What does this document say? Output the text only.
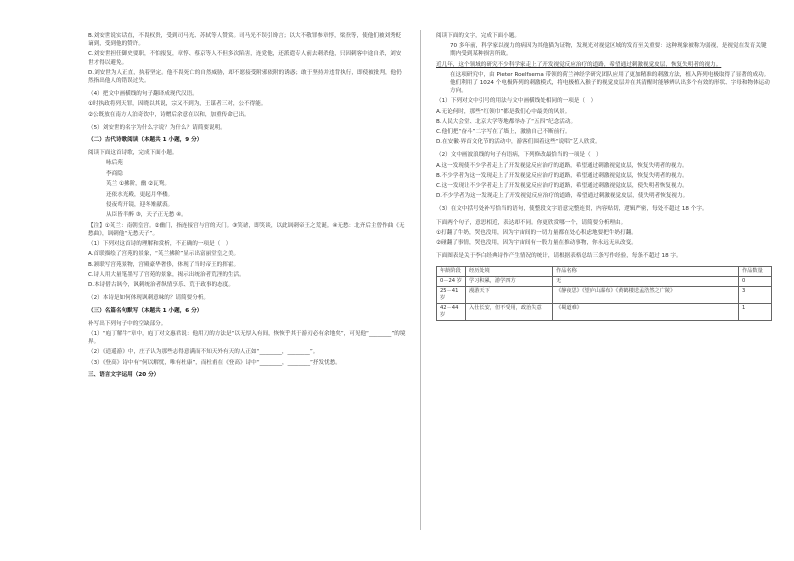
B.刘安世说实话直，不畏权贵，受到司马光、苏轼等人赞赏。司马光不误引谗言；以大不敬罪参章惇，梁焘等，使他们被刘秀贬谪到，受到他的赞许。

C.刘安世担任御史要职，不怕报复，章惇、蔡京等人不但多次陷害，连党他，还派遣专人前去刺杀他，只因刺客中途自杀，刘安世才得以避免。

D.刘安世为人正直，执着坚定。他不畏死亡的自然威胁，却不愿接受附邪依附的诱惑；敢于坚持并违背执行，即使被批判，他仍然指出他人的错误过失。

（4）把文中画横线的句子翻译成现代汉语。

①时执政将列天罪，因晓以其说，宗又不到为，王谋者三对，公不得能。

②公既放在南方人泊奇饮中，诗赠后余意在以和，加重传命已出。

（5）刘安世的名字为什么字说？为什么？请简要说明。

（二）古代诗歌阅读（本题共 1 小题，9 分）

阅读下面这首诗歌，完成下面小题。

咏后苑

李商隐

芄兰 ①拂阶，幽 ②瓦鸳。

还依水光殿，更起月华楼。

侵夜鸾开镜，迎冬雉献裘。

从臣皆半醉 ③，天子正无愁 ④。

【注】①芄兰：南朝皇宫。②幽门，指连接宫与宫的天门。③笑谑，即笑谈，以此讽刺帝王之荒诞。④无愁：北齐后主曾作曲《无愁曲》，讽刺他“无愁天子”。

（1）下列对这首诗的理解和赏析，不正确的一项是（　）

A.首联描绘了宫苑的景象，“芄兰拂阶”显示出富丽堂皇之美。

B.颔联写宫苑景物，宫殿豪华奢侈，体现了当时帝王的挥霍。

C.诗人用大量笔墨写了宫苑的景象，揭示出统治者荒淫的生活。

D.本诗借古讽今，讽刺统治者纵情享乐、荒于政事的态度。

（2）本诗是如何体现讽刺意味的？请简要分析。

（三）名篇名句默写（本题共 1 小题，6 分）

补写出下列句子中的空缺部分。

（1）“庖丁解牛”章中，庖丁对文惠君说：他用刀的方法是“以无厚入有间，恢恢乎其于游刃必有余地矣”，可见他“________”的境界。

（2）《逍遥游》中，庄子认为那些志得意满而不知天外有天的人正如“________，________”。

（3）《登高》诗中有“何以解忧，唯有杜康”，而杜甫在《登高》诗中“________，________”抒发忧愁。

三、语言文字运用（20 分）

阅读下面的文字，完成下面小题。

70 多年前，科学家以视力的病因为其他猫为证物，发现光对视觉区域的发育至关重要：这种现象被称为弱视，是视觉在发育关键期内受到某种损害所致。

近几年，这个领域的研究不少科学家走上了开发视觉反应治疗的道路，希望通过刺激视觉皮层，恢复失明者的视力。

在这项研究中，由 Pieter Roelfsema 带领的荷兰神经学研究团队应用了更加精准的刺激方法，植入阵列电极取得了显著的成功。他们利用了 1024 个电极阵列的刺激模式，将电极植入猴子的视觉皮层并在其清醒时能够辨认出多个有效的形状、字母和物体运动方向。

（1）下列对文中引号的用法与文中画横线处相同的一项是（　）

A.无论何时，那些“红领巾”都是我们心中最美的风景。

B.人民大会堂、北京大学等地都举办了“五四”纪念活动。

C.他们把“奋斗”二字写在了墙上，激励自己不断前行。

D.在安徽·界首文化节的活动中，游客们围着这些“说唱”艺人欣赏。

（2）文中画波浪线的句子有语病，下列修改最恰当的一项是（　）

A.这一发现使不少学者走上了开发视觉反应治疗的道路，希望通过刺激视觉皮层，恢复失明者的视力。

B.不少学者为这一发现走上了开发视觉反应治疗的道路，希望通过刺激视觉皮层，恢复失明者的视力。

C.这一发现让不少学者走上了开发视觉反应治疗的道路，希望通过刺激视觉皮层，使失明者恢复视力。

D.不少学者为这一发现走上了开发视觉反应治疗的道路，希望通过刺激视觉皮层，使失明者恢复视力。

（3）在文中括号处补写恰当的语句，使整段文字语意完整连贯，内容贴切，逻辑严密，每处不超过 18 个字。

下面两个句子，意思相近，表达却不同。你更欣赏哪一个，请简要分析理由。

①打翻了牛奶，哭也没用，因为宇宙间的一切力量都在处心积虑地要把牛奶打翻。

②碰翻了事情，哭也没用，因为宇宙间有一股力量在推动事物，你永远无从改变。

下面图表是关于李白经典诗作产生情况的统计，请根据表格总结三条写作经验，每条不超过 18 字。

年龄阶段	经历处境	作品名称	作品数量
0－24 岁	学习积累，游学四方	无	0
25－41 岁	漫游天下	《静夜思》《望庐山瀑布》《黄鹤楼送孟浩然之广陵》	3
42－44 岁	入仕长安，但不受用，政治失意	《蜀道难》	1
